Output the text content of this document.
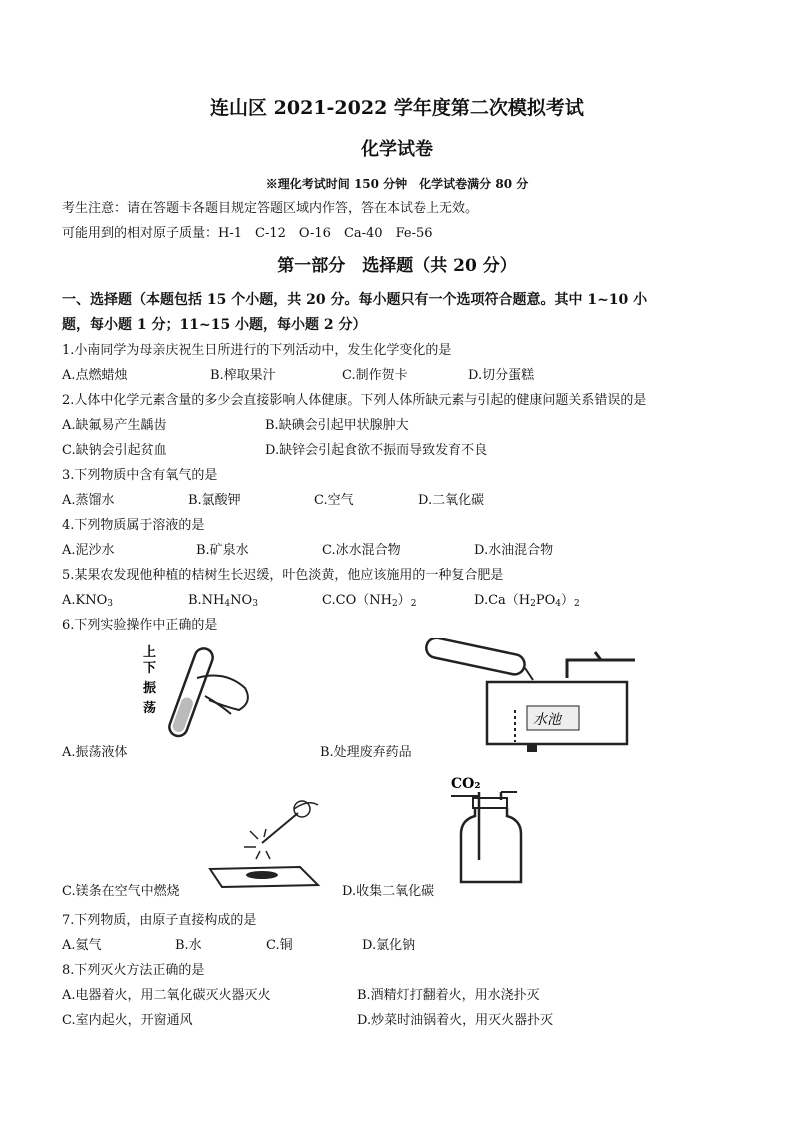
连山区 2021-2022 学年度第二次模拟考试
化学试卷
※理化考试时间 150 分钟　化学试卷满分 80 分
考生注意：请在答题卡各题目规定答题区域内作答，答在本试卷上无效。
可能用到的相对原子质量：H-1　C-12　O-16　Ca-40　Fe-56
第一部分　选择题（共 20 分）
一、选择题（本题包括 15 个小题，共 20 分。每小题只有一个选项符合题意。其中 1~10 小
题，每小题 1 分；11~15 小题，每小题 2 分）
1.小南同学为母亲庆祝生日所进行的下列活动中，发生化学变化的是
A.点燃蜡烛	B.榨取果汁	C.制作贺卡	D.切分蛋糕
2.人体中化学元素含量的多少会直接影响人体健康。下列人体所缺元素与引起的健康问题关系错误的是
A.缺氟易产生龋齿	B.缺碘会引起甲状腺肿大
C.缺钠会引起贫血	D.缺锌会引起食欲不振而导致发育不良
3.下列物质中含有氧气的是
A.蒸馏水	B.氯酸钾	C.空气	D.二氧化碳
4.下列物质属于溶液的是
A.泥沙水	B.矿泉水	C.冰水混合物	D.水油混合物
5.某果农发现他种植的桔树生长迟缓，叶色淡黄，他应该施用的一种复合肥是
$A.KNO_3$	$B.NH_4NO_3$	$C.CO(NH_2)_2$	$D.Ca(H_2PO_4)_2$
6.下列实验操作中正确的是
上
下
振
荡
水池
A.振荡液体	B.处理废弃药品
CO₂
C.镁条在空气中燃烧	D.收集二氧化碳
7.下列物质，由原子直接构成的是
A.氦气	B.水	C.铜	D.氯化钠
8.下列灭火方法正确的是
A.电器着火，用二氧化碳灭火器灭火	B.酒精灯打翻着火，用水浇扑灭
C.室内起火，开窗通风	D.炒菜时油锅着火，用灭火器扑灭
